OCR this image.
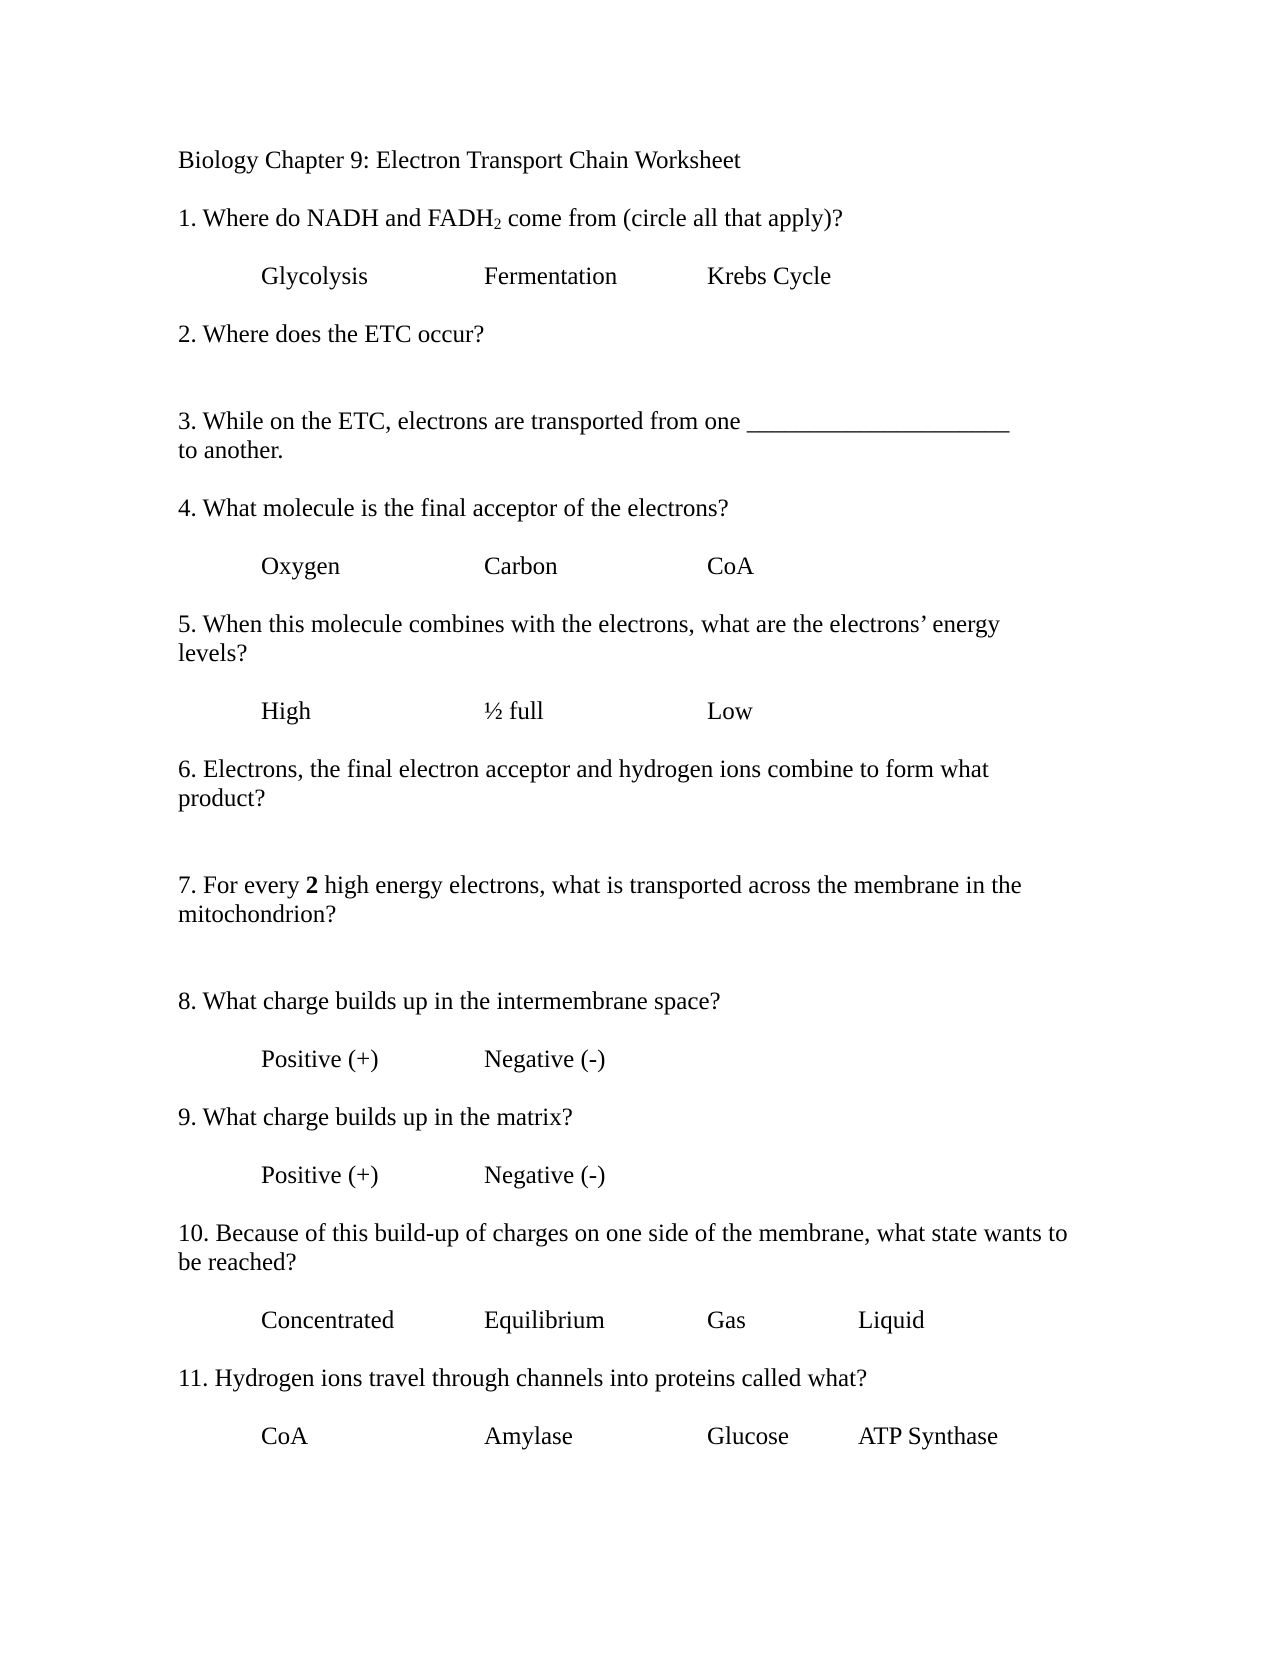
Biology Chapter 9: Electron Transport Chain Worksheet

1. Where do NADH and $FADH_2$ come from (circle all that apply)?

Glycolysis	Fermentation	Krebs Cycle

2. Where does the ETC occur?

3. While on the ETC, electrons are transported from one _____________________
to another.

4. What molecule is the final acceptor of the electrons?

Oxygen	Carbon	CoA

5. When this molecule combines with the electrons, what are the electrons’ energy
levels?

High	½ full	Low

6. Electrons, the final electron acceptor and hydrogen ions combine to form what
product?

7. For every 2 high energy electrons, what is transported across the membrane in the
mitochondrion?

8. What charge builds up in the intermembrane space?

Positive (+)	Negative (-)

9. What charge builds up in the matrix?

Positive (+)	Negative (-)

10. Because of this build-up of charges on one side of the membrane, what state wants to
be reached?

Concentrated	Equilibrium	Gas	Liquid

11. Hydrogen ions travel through channels into proteins called what?

CoA	Amylase	Glucose	ATP Synthase
